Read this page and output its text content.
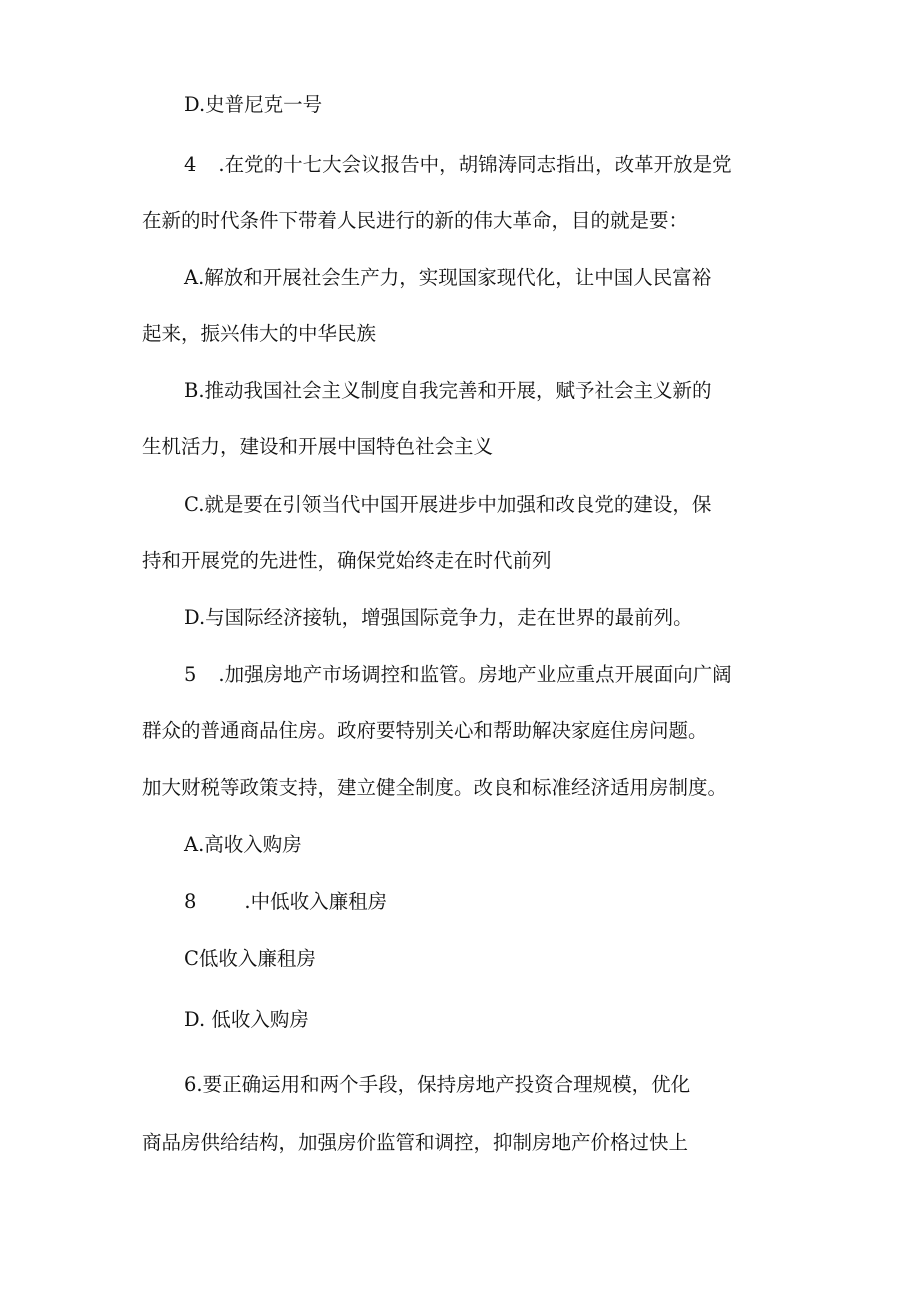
D.史普尼克一号
4 .在党的十七大会议报告中，胡锦涛同志指出，改革开放是党
在新的时代条件下带着人民进行的新的伟大革命，目的就是要：
A.解放和开展社会生产力，实现国家现代化，让中国人民富裕
起来，振兴伟大的中华民族
B.推动我国社会主义制度自我完善和开展，赋予社会主义新的
生机活力，建设和开展中国特色社会主义
C.就是要在引领当代中国开展进步中加强和改良党的建设，保
持和开展党的先进性，确保党始终走在时代前列
D.与国际经济接轨，增强国际竞争力，走在世界的最前列。
5 .加强房地产市场调控和监管。房地产业应重点开展面向广阔
群众的普通商品住房。政府要特别关心和帮助解决家庭住房问题。
加大财税等政策支持，建立健全制度。改良和标准经济适用房制度。
A.高收入购房
8 .中低收入廉租房
C低收入廉租房
D. 低收入购房
6.要正确运用和两个手段，保持房地产投资合理规模，优化
商品房供给结构，加强房价监管和调控，抑制房地产价格过快上
